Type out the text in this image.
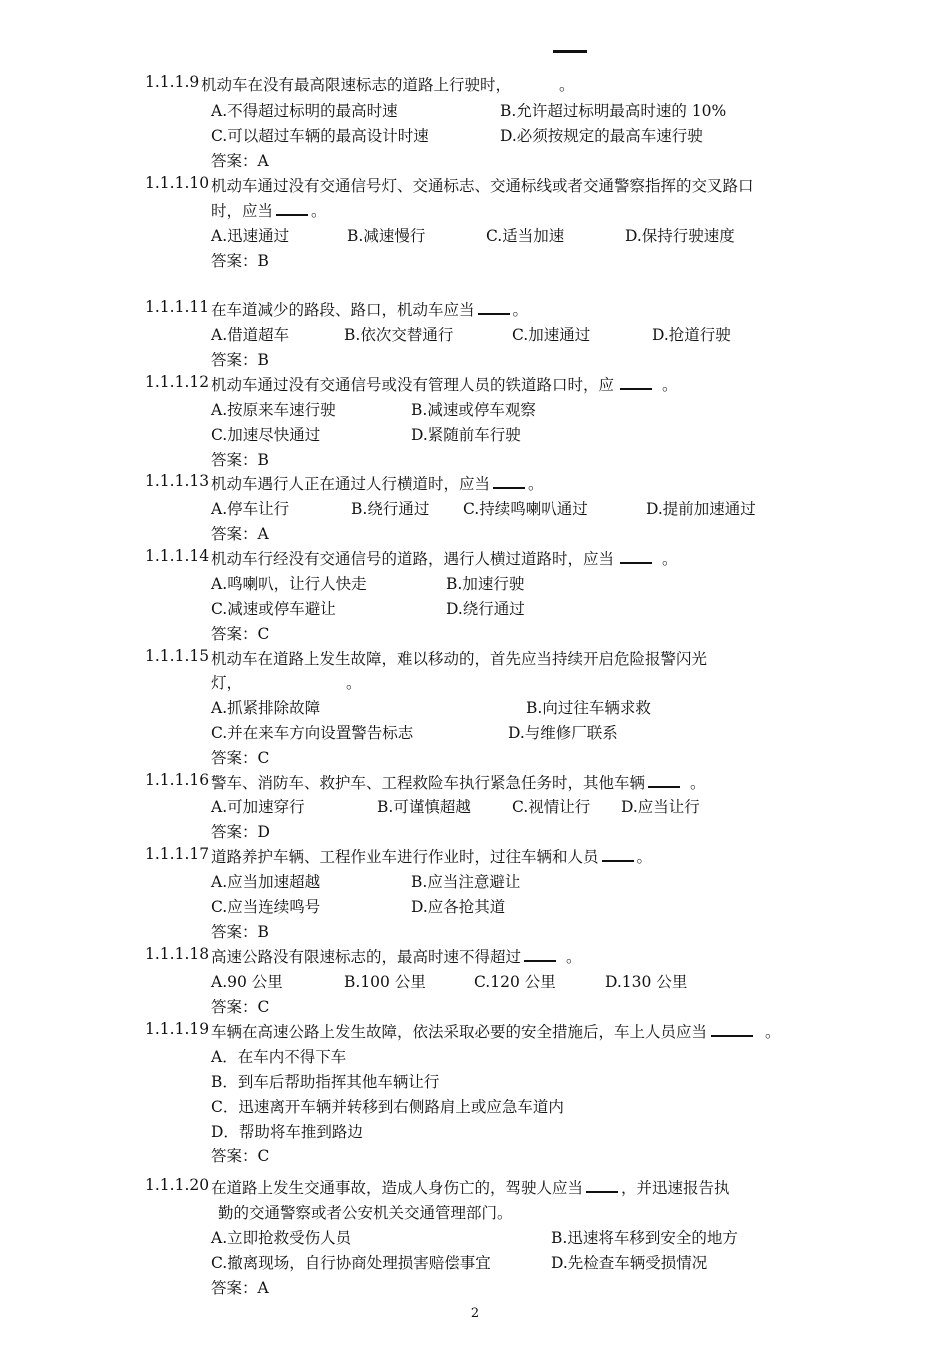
1.1.1.9 机动车在没有最高限速标志的道路上行驶时，	。
A.不得超过标明的最高时速	B.允许超过标明最高时速的 10%
C.可以超过车辆的最高设计时速	D.必须按规定的最高车速行驶
答案：A
1.1.1.10 机动车通过没有交通信号灯、交通标志、交通标线或者交通警察指挥的交叉路口
时，应当 。
A.迅速通过	B.减速慢行	C.适当加速	D.保持行驶速度
答案：B
1.1.1.11 在车道减少的路段、路口，机动车应当 。
A.借道超车	B.依次交替通行	C.加速通过	D.抢道行驶
答案：B
1.1.1.12 机动车通过没有交通信号或没有管理人员的铁道路口时，应	。
A.按原来车速行驶	B.减速或停车观察
C.加速尽快通过	D.紧随前车行驶
答案：B
1.1.1.13 机动车遇行人正在通过人行横道时，应当 。
A.停车让行	B.绕行通过 C.持续鸣喇叭通过	D.提前加速通过
答案：A
1.1.1.14 机动车行经没有交通信号的道路，遇行人横过道路时，应当	。
A.鸣喇叭，让行人快走	B.加速行驶
C.减速或停车避让	D.绕行通过
答案：C
1.1.1.15 机动车在道路上发生故障，难以移动的，首先应当持续开启危险报警闪光
灯，	。
A.抓紧排除故障	B.向过往车辆求救
C.并在来车方向设置警告标志	D.与维修厂联系
答案：C
1.1.1.16 警车、消防车、救护车、工程救险车执行紧急任务时，其他车辆	。
A.可加速穿行	B.可谨慎超越	C.视情让行 D.应当让行
答案：D
1.1.1.17 道路养护车辆、工程作业车进行作业时，过往车辆和人员 。
A.应当加速超越	B.应当注意避让
C.应当连续鸣号	D.应各抢其道
答案：B
1.1.1.18 高速公路没有限速标志的，最高时速不得超过	。
A.90 公里	B.100 公里	C.120 公里	D.130 公里
答案：C
1.1.1.19 车辆在高速公路上发生故障，依法采取必要的安全措施后，车上人员应当	。
A．在车内不得下车
B．到车后帮助指挥其他车辆让行
C．迅速离开车辆并转移到右侧路肩上或应急车道内
D．帮助将车推到路边
答案：C
1.1.1.20 在道路上发生交通事故，造成人身伤亡的，驾驶人应当 ，并迅速报告执
勤的交通警察或者公安机关交通管理部门。
A.立即抢救受伤人员	B.迅速将车移到安全的地方
C.撤离现场，自行协商处理损害赔偿事宜	D.先检查车辆受损情况
答案：A
2
